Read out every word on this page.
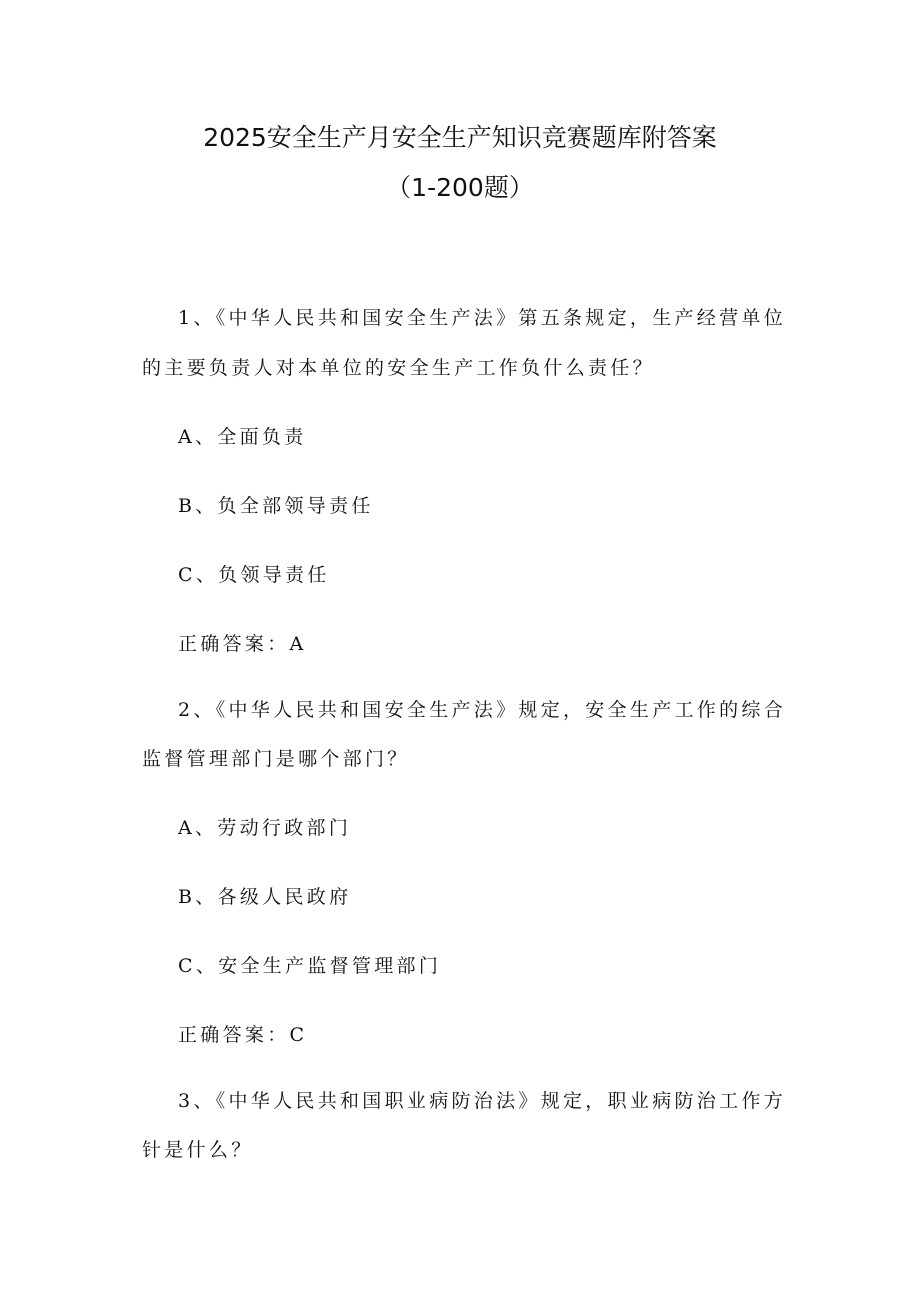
2025安全生产月安全生产知识竞赛题库附答案
（1-200题）
1、《中华人民共和国安全生产法》第五条规定，生产经营单位
的主要负责人对本单位的安全生产工作负什么责任？
A、全面负责
B、负全部领导责任
C、负领导责任
正确答案：A
2、《中华人民共和国安全生产法》规定，安全生产工作的综合
监督管理部门是哪个部门？
A、劳动行政部门
B、各级人民政府
C、安全生产监督管理部门
正确答案：C
3、《中华人民共和国职业病防治法》规定，职业病防治工作方
针是什么？
